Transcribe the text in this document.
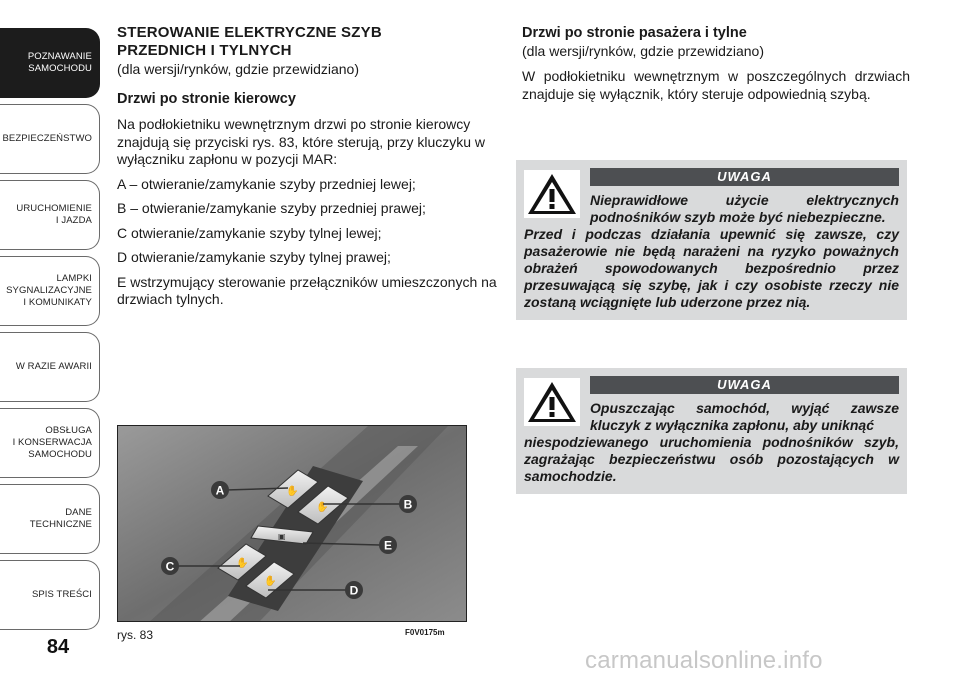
POZNAWANIE
SAMOCHODU
BEZPIECZEŃSTWO
URUCHOMIENIE
I JAZDA
LAMPKI
SYGNALIZACYJNE
I KOMUNIKATY
W RAZIE AWARII
OBSŁUGA
I KONSERWACJA
SAMOCHODU
DANE
TECHNICZNE
SPIS TREŚCI
84

STEROWANIE ELEKTRYCZNE SZYB

PRZEDNICH I TYLNYCH

(dla wersji/rynków, gdzie przewidziano)

Drzwi po stronie kierowcy

Na podłokietniku wewnętrznym drzwi po stronie kierowcy znajdują się przyciski rys. 83, które sterują, przy kluczyku w wyłączniku zapłonu w pozycji MAR:

A – otwieranie/zamykanie szyby przedniej lewej;

B – otwieranie/zamykanie szyby przedniej prawej;

C otwieranie/zamykanie szyby tylnej lewej;

D otwieranie/zamykanie szyby tylnej prawej;

E wstrzymujący sterowanie przełączników umieszczonych na drzwiach tylnych.

Drzwi po stronie pasażera i tylne

(dla wersji/rynków, gdzie przewidziano)

W podłokietniku wewnętrznym w poszczególnych drzwiach znajduje się wyłącznik, który steruje odpowiednią szybą.

UWAGA
Nieprawidłowe użycie elektrycznych podnośników szyb może być niebezpieczne.
Przed i podczas działania upewnić się zawsze, czy pasażerowie nie będą narażeni na ryzyko poważnych obrażeń spowodowanych bezpośrednio przez przesuwającą się szybę, jak i czy osobiste rzeczy nie zostaną wciągnięte lub uderzone przez nią.
UWAGA
Opuszczając samochód, wyjąć zawsze kluczyk z wyłącznika zapłonu, aby uniknąć
niespodziewanego uruchomienia podnośników szyb, zagrażając bezpieczeństwu osób pozostających w samochodzie.
✋
✋
▣
✋
✋
A
B
E
C
D
rys. 83	F0V0175m
carmanualsonline.info
